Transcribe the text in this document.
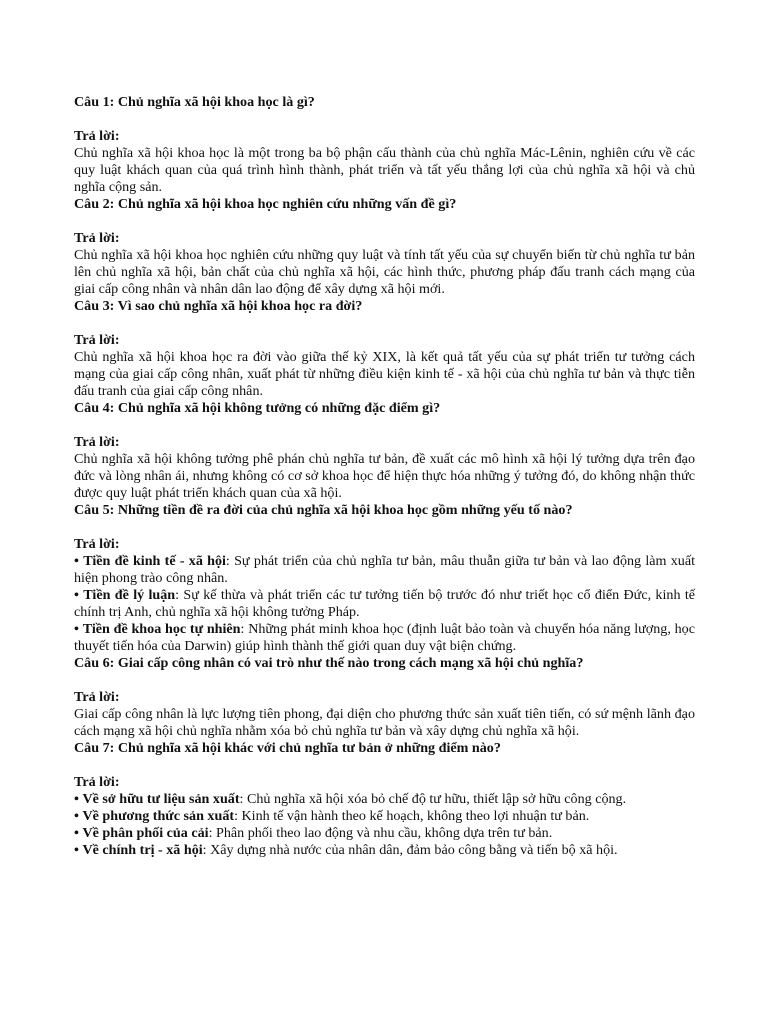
Câu 1: Chủ nghĩa xã hội khoa học là gì?

Trả lời:

Chủ nghĩa xã hội khoa học là một trong ba bộ phận cấu thành của chủ nghĩa Mác-Lênin, nghiên cứu về các quy luật khách quan của quá trình hình thành, phát triển và tất yếu thắng lợi của chủ nghĩa xã hội và chủ nghĩa cộng sản.

Câu 2: Chủ nghĩa xã hội khoa học nghiên cứu những vấn đề gì?

Trả lời:

Chủ nghĩa xã hội khoa học nghiên cứu những quy luật và tính tất yếu của sự chuyển biến từ chủ nghĩa tư bản lên chủ nghĩa xã hội, bản chất của chủ nghĩa xã hội, các hình thức, phương pháp đấu tranh cách mạng của giai cấp công nhân và nhân dân lao động để xây dựng xã hội mới.

Câu 3: Vì sao chủ nghĩa xã hội khoa học ra đời?

Trả lời:

Chủ nghĩa xã hội khoa học ra đời vào giữa thế kỷ XIX, là kết quả tất yếu của sự phát triển tư tưởng cách mạng của giai cấp công nhân, xuất phát từ những điều kiện kinh tế - xã hội của chủ nghĩa tư bản và thực tiễn đấu tranh của giai cấp công nhân.

Câu 4: Chủ nghĩa xã hội không tưởng có những đặc điểm gì?

Trả lời:

Chủ nghĩa xã hội không tưởng phê phán chủ nghĩa tư bản, đề xuất các mô hình xã hội lý tưởng dựa trên đạo đức và lòng nhân ái, nhưng không có cơ sở khoa học để hiện thực hóa những ý tưởng đó, do không nhận thức được quy luật phát triển khách quan của xã hội.

Câu 5: Những tiền đề ra đời của chủ nghĩa xã hội khoa học gồm những yếu tố nào?

Trả lời:

• Tiền đề kinh tế - xã hội: Sự phát triển của chủ nghĩa tư bản, mâu thuẫn giữa tư bản và lao động làm xuất hiện phong trào công nhân.
• Tiền đề lý luận: Sự kế thừa và phát triển các tư tưởng tiến bộ trước đó như triết học cổ điển Đức, kinh tế chính trị Anh, chủ nghĩa xã hội không tưởng Pháp.
• Tiền đề khoa học tự nhiên: Những phát minh khoa học (định luật bảo toàn và chuyển hóa năng lượng, học thuyết tiến hóa của Darwin) giúp hình thành thế giới quan duy vật biện chứng.

Câu 6: Giai cấp công nhân có vai trò như thế nào trong cách mạng xã hội chủ nghĩa?

Trả lời:

Giai cấp công nhân là lực lượng tiên phong, đại diện cho phương thức sản xuất tiên tiến, có sứ mệnh lãnh đạo cách mạng xã hội chủ nghĩa nhằm xóa bỏ chủ nghĩa tư bản và xây dựng chủ nghĩa xã hội.

Câu 7: Chủ nghĩa xã hội khác với chủ nghĩa tư bản ở những điểm nào?

Trả lời:

• Về sở hữu tư liệu sản xuất: Chủ nghĩa xã hội xóa bỏ chế độ tư hữu, thiết lập sở hữu công cộng.
• Về phương thức sản xuất: Kinh tế vận hành theo kế hoạch, không theo lợi nhuận tư bản.
• Về phân phối của cải: Phân phối theo lao động và nhu cầu, không dựa trên tư bản.
• Về chính trị - xã hội: Xây dựng nhà nước của nhân dân, đảm bảo công bằng và tiến bộ xã hội.
